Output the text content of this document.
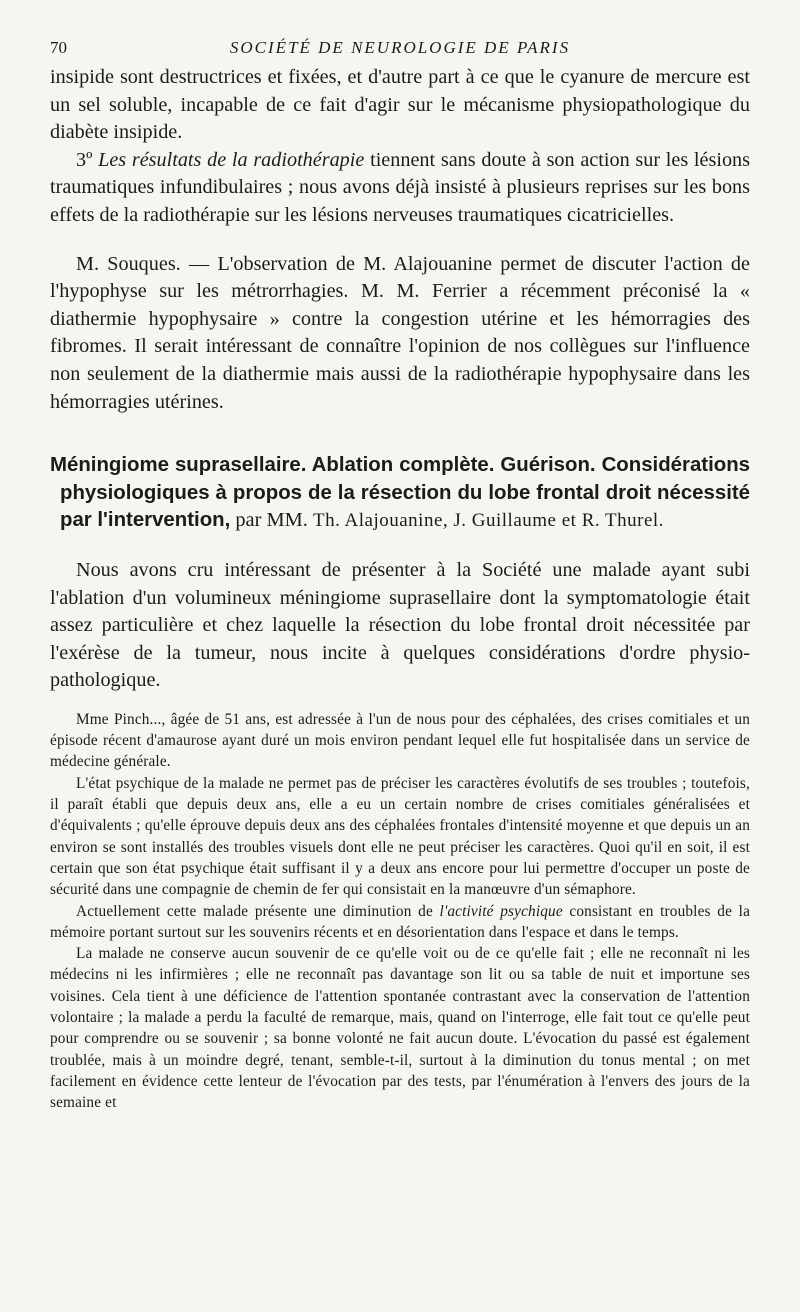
70	SOCIÉTÉ DE NEUROLOGIE DE PARIS

insipide sont destructrices et fixées, et d'autre part à ce que le cyanure de mercure est un sel soluble, incapable de ce fait d'agir sur le mécanisme physiopathologique du diabète insipide.

3º Les résultats de la radiothérapie tiennent sans doute à son action sur les lésions traumatiques infundibulaires ; nous avons déjà insisté à plusieurs reprises sur les bons effets de la radiothérapie sur les lésions nerveuses traumatiques cicatricielles.

M. Souques. — L'observation de M. Alajouanine permet de discuter l'action de l'hypophyse sur les métrorrhagies. M. M. Ferrier a récemment préconisé la « diathermie hypophysaire » contre la congestion utérine et les hémorragies des fibromes. Il serait intéressant de connaître l'opinion de nos collègues sur l'influence non seulement de la diathermie mais aussi de la radiothérapie hypophysaire dans les hémorragies utérines.

Méningiome suprasellaire. Ablation complète. Guérison. Considérations physiologiques à propos de la résection du lobe frontal droit nécessité par l'intervention, par MM. Th. Alajouanine, J. Guillaume et R. Thurel.

Nous avons cru intéressant de présenter à la Société une malade ayant subi l'ablation d'un volumineux méningiome suprasellaire dont la symptomatologie était assez particulière et chez laquelle la résection du lobe frontal droit nécessitée par l'exérèse de la tumeur, nous incite à quelques considérations d'ordre physio-pathologique.

Mme Pinch..., âgée de 51 ans, est adressée à l'un de nous pour des céphalées, des crises comitiales et un épisode récent d'amaurose ayant duré un mois environ pendant lequel elle fut hospitalisée dans un service de médecine générale.

L'état psychique de la malade ne permet pas de préciser les caractères évolutifs de ses troubles ; toutefois, il paraît établi que depuis deux ans, elle a eu un certain nombre de crises comitiales généralisées et d'équivalents ; qu'elle éprouve depuis deux ans des céphalées frontales d'intensité moyenne et que depuis un an environ se sont installés des troubles visuels dont elle ne peut préciser les caractères. Quoi qu'il en soit, il est certain que son état psychique était suffisant il y a deux ans encore pour lui permettre d'occuper un poste de sécurité dans une compagnie de chemin de fer qui consistait en la manœuvre d'un sémaphore.

Actuellement cette malade présente une diminution de l'activité psychique consistant en troubles de la mémoire portant surtout sur les souvenirs récents et en désorientation dans l'espace et dans le temps.

La malade ne conserve aucun souvenir de ce qu'elle voit ou de ce qu'elle fait ; elle ne reconnaît ni les médecins ni les infirmières ; elle ne reconnaît pas davantage son lit ou sa table de nuit et importune ses voisines. Cela tient à une déficience de l'attention spontanée contrastant avec la conservation de l'attention volontaire ; la malade a perdu la faculté de remarque, mais, quand on l'interroge, elle fait tout ce qu'elle peut pour comprendre ou se souvenir ; sa bonne volonté ne fait aucun doute. L'évocation du passé est également troublée, mais à un moindre degré, tenant, semble-t-il, surtout à la diminution du tonus mental ; on met facilement en évidence cette lenteur de l'évocation par des tests, par l'énumération à l'envers des jours de la semaine et
